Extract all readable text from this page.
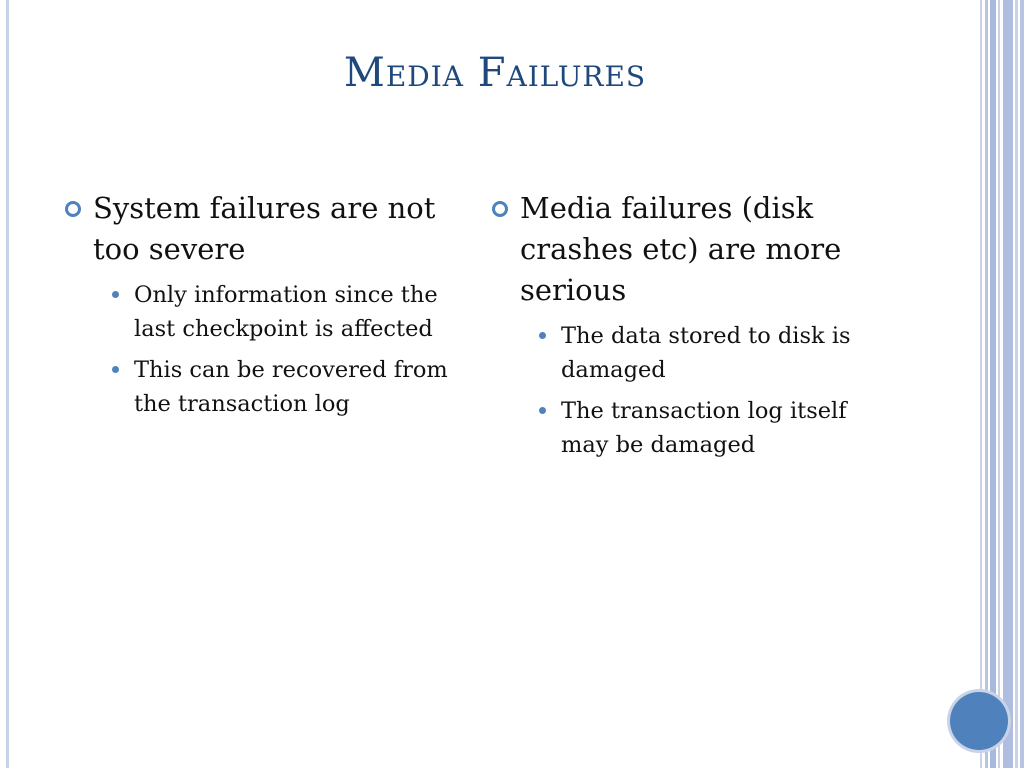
Media Failures
System failures are not too severe
Only information since the last checkpoint is affected
This can be recovered from the transaction log
Media failures (disk crashes etc) are more serious
The data stored to disk is damaged
The transaction log itself may be damaged
